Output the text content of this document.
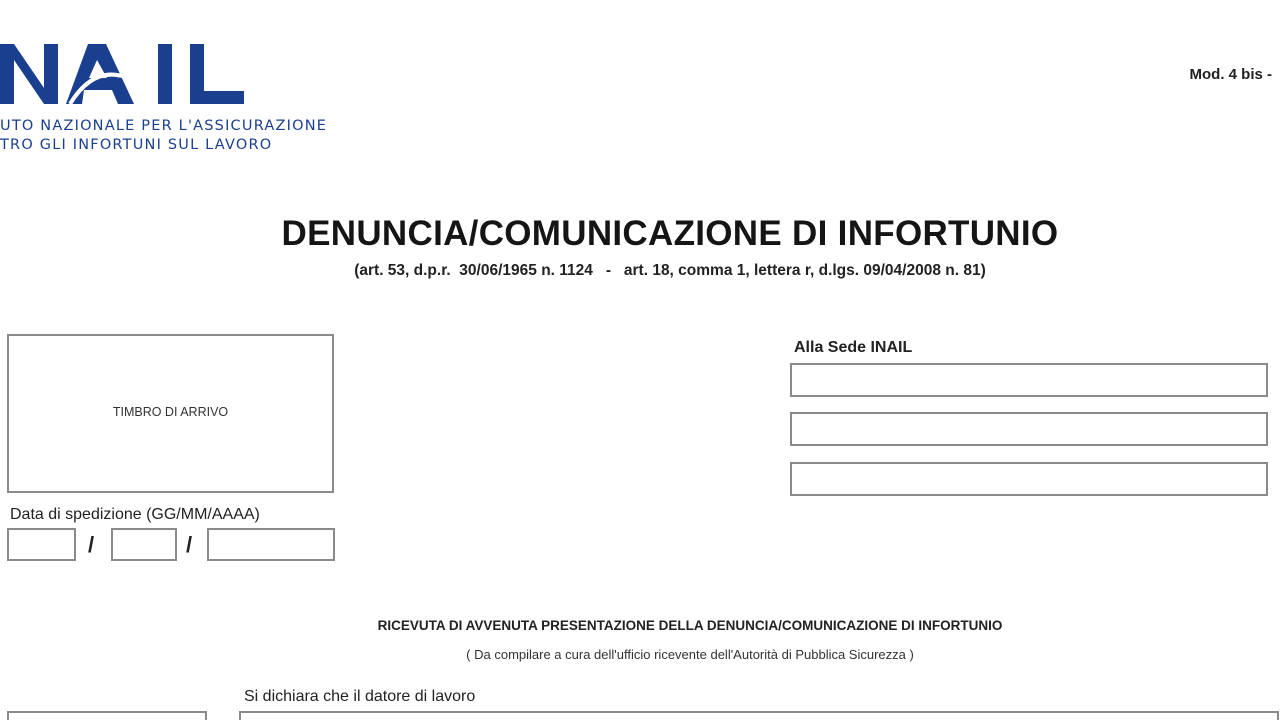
UTO NAZIONALE PER L'ASSICURAZIONE
TRO GLI INFORTUNI SUL LAVORO
Mod. 4 bis -
DENUNCIA/COMUNICAZIONE DI INFORTUNIO
(art. 53, d.p.r.  30/06/1965 n. 1124   -   art. 18, comma 1, lettera r, d.lgs. 09/04/2008 n. 81)
TIMBRO DI ARRIVO
Data di spedizione (GG/MM/AAAA)
/	/
Alla Sede INAIL
RICEVUTA DI AVVENUTA PRESENTAZIONE DELLA DENUNCIA/COMUNICAZIONE DI INFORTUNIO
( Da compilare a cura dell'ufficio ricevente dell'Autorità di Pubblica Sicurezza )
Si dichiara che il datore di lavoro
